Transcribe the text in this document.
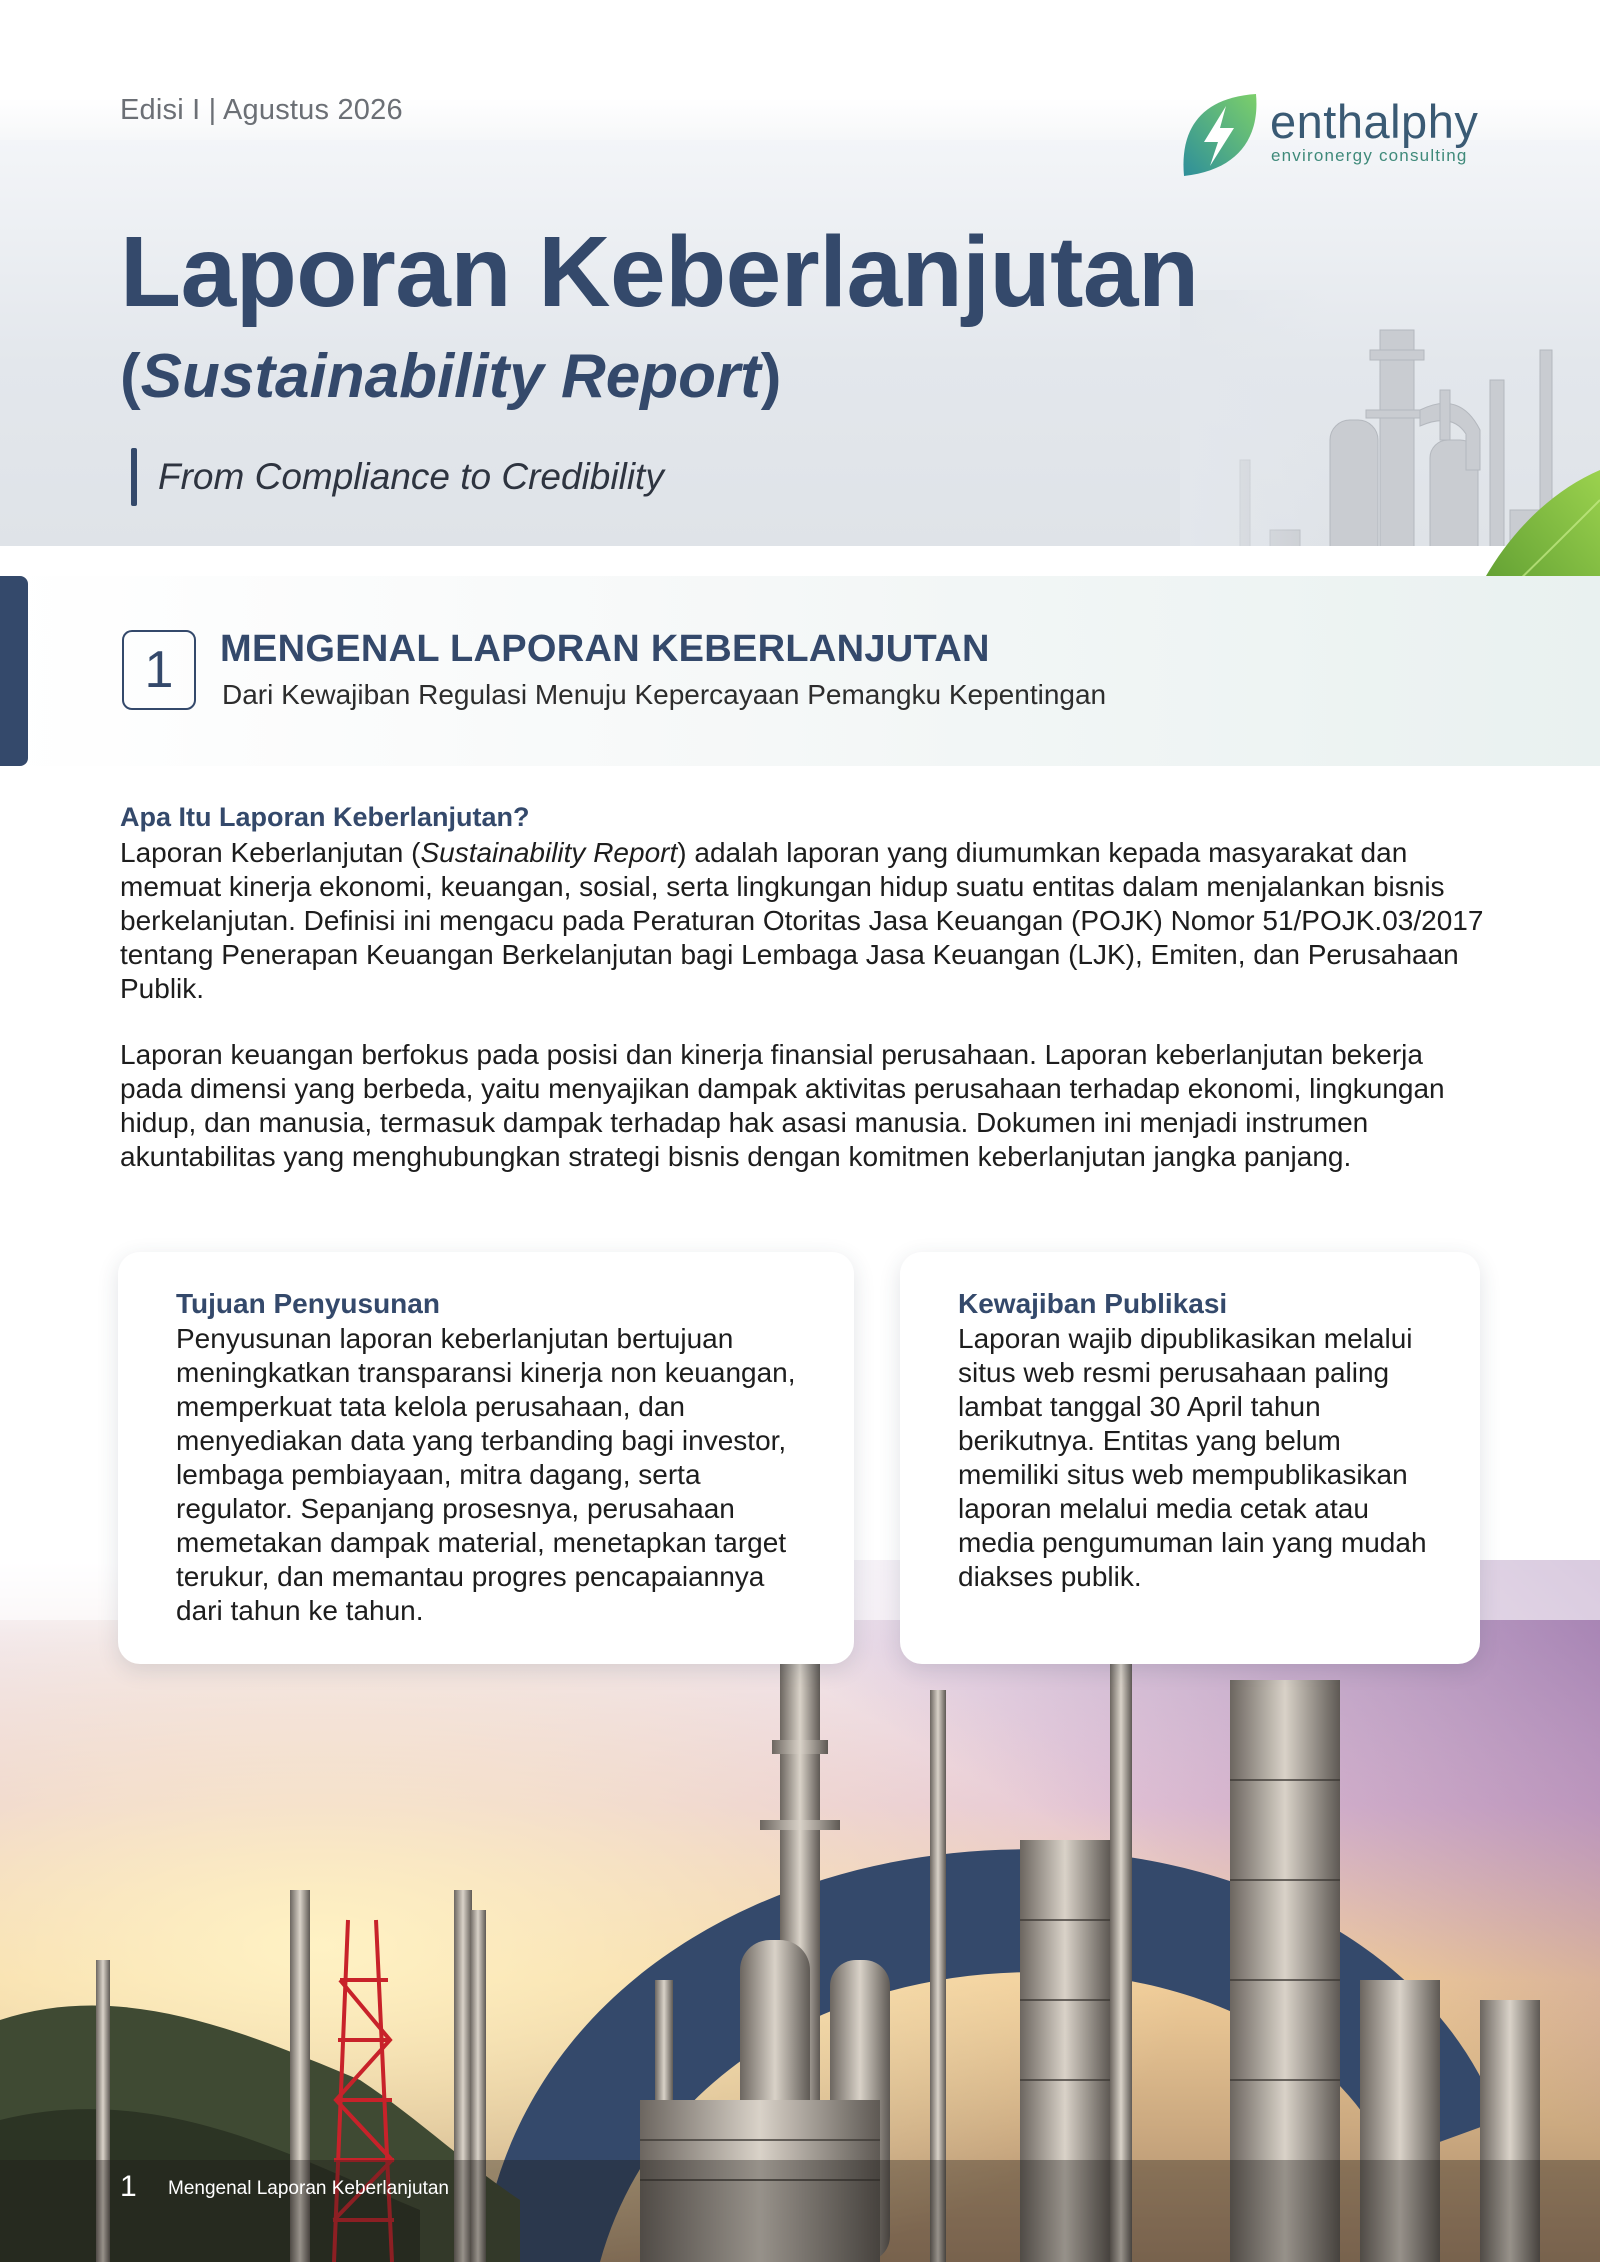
Edisi I | Agustus 2026	enthalphy
environergy consulting
Laporan Keberlanjutan
(Sustainability Report)
From Compliance to Credibility
1	MENGENAL LAPORAN KEBERLANJUTAN
Dari Kewajiban Regulasi Menuju Kepercayaan Pemangku Kepentingan
Apa Itu Laporan Keberlanjutan?

Laporan Keberlanjutan (Sustainability Report) adalah laporan yang diumumkan kepada masyarakat dan memuat kinerja ekonomi, keuangan, sosial, serta lingkungan hidup suatu entitas dalam menjalankan bisnis berkelanjutan. Definisi ini mengacu pada Peraturan Otoritas Jasa Keuangan (POJK) Nomor 51/POJK.03/2017 tentang Penerapan Keuangan Berkelanjutan bagi Lembaga Jasa Keuangan (LJK), Emiten, dan Perusahaan Publik.

Laporan keuangan berfokus pada posisi dan kinerja finansial perusahaan. Laporan keberlanjutan bekerja pada dimensi yang berbeda, yaitu menyajikan dampak aktivitas perusahaan terhadap ekonomi, lingkungan hidup, dan manusia, termasuk dampak terhadap hak asasi manusia. Dokumen ini menjadi instrumen akuntabilitas yang menghubungkan strategi bisnis dengan komitmen keberlanjutan jangka panjang.

Tujuan Penyusunan
Penyusunan laporan keberlanjutan bertujuan meningkatkan transparansi kinerja non keuangan, memperkuat tata kelola perusahaan, dan menyediakan data yang terbanding bagi investor, lembaga pembiayaan, mitra dagang, serta regulator. Sepanjang prosesnya, perusahaan memetakan dampak material, menetapkan target terukur, dan memantau progres pencapaiannya dari tahun ke tahun.
Kewajiban Publikasi
Laporan wajib dipublikasikan melalui situs web resmi perusahaan paling lambat tanggal 30 April tahun berikutnya. Entitas yang belum memiliki situs web mempublikasikan laporan melalui media cetak atau media pengumuman lain yang mudah diakses publik.
1 Mengenal Laporan Keberlanjutan
